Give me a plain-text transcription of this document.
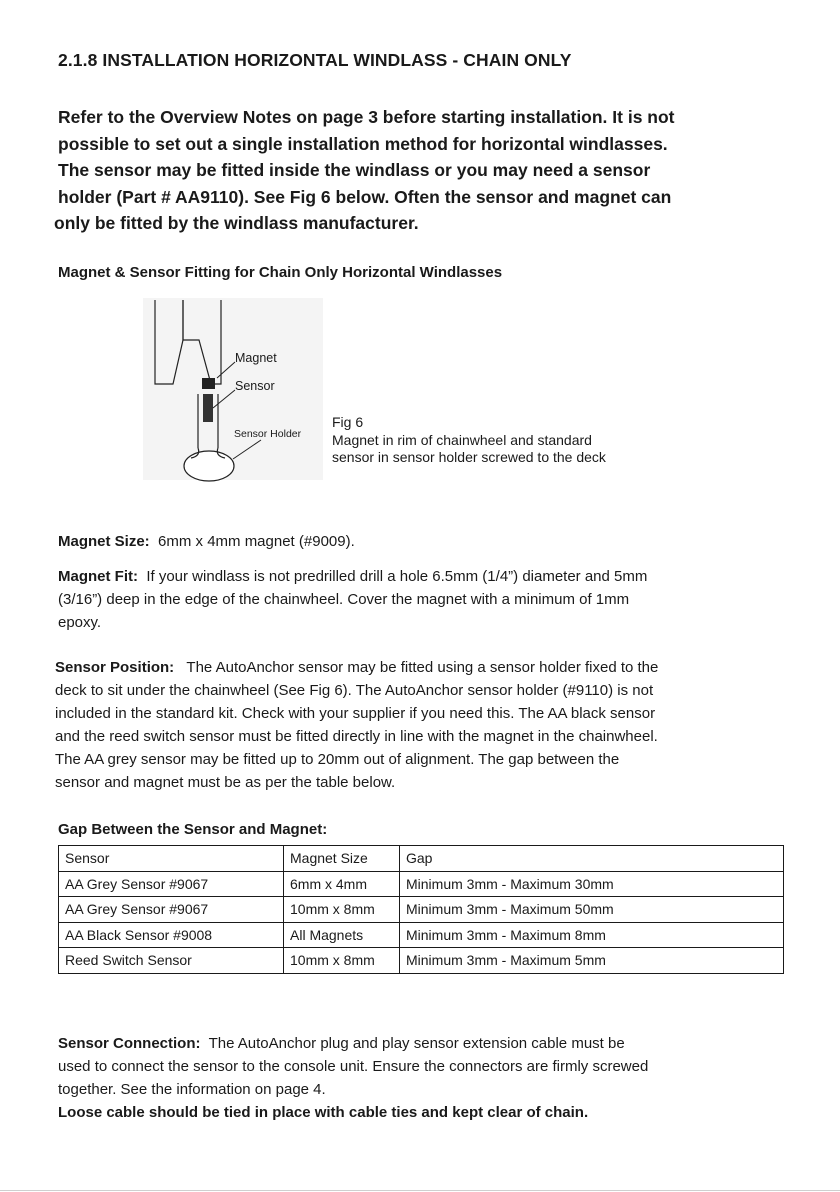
2.1.8 INSTALLATION HORIZONTAL WINDLASS - CHAIN ONLY
Refer to the Overview Notes on page 3 before starting installation. It is not
possible to set out a single installation method for horizontal windlasses.
The sensor may be fitted inside the windlass or you may need a sensor
holder (Part # AA9110). See Fig 6 below. Often the sensor and magnet can
only be fitted by the windlass manufacturer.
Magnet & Sensor Fitting for Chain Only Horizontal Windlasses
Magnet
Sensor
Sensor Holder
Fig 6
Magnet in rim of chainwheel and standard
sensor in sensor holder screwed to the deck
Magnet Size:  6mm x 4mm magnet (#9009).
Magnet Fit:  If your windlass is not predrilled drill a hole 6.5mm (1/4”) diameter and 5mm
(3/16”) deep in the edge of the chainwheel. Cover the magnet with a minimum of 1mm
epoxy.
Sensor Position:   The AutoAnchor sensor may be fitted using a sensor holder fixed to the
deck to sit under the chainwheel (See Fig 6). The AutoAnchor sensor holder (#9110) is not
included in the standard kit. Check with your supplier if you need this. The AA black sensor
and the reed switch sensor must be fitted directly in line with the magnet in the chainwheel.
The AA grey sensor may be fitted up to 20mm out of alignment. The gap between the
sensor and magnet must be as per the table below.
Gap Between the Sensor and Magnet:
Sensor	Magnet Size	Gap
AA Grey Sensor #9067	6mm x 4mm	Minimum 3mm - Maximum 30mm
AA Grey Sensor #9067	10mm x 8mm	Minimum 3mm - Maximum 50mm
AA Black Sensor #9008	All Magnets	Minimum 3mm - Maximum 8mm
Reed Switch Sensor	10mm x 8mm	Minimum 3mm - Maximum 5mm
Sensor Connection:  The AutoAnchor plug and play sensor extension cable must be
used to connect the sensor to the console unit. Ensure the connectors are firmly screwed
together. See the information on page 4.
Loose cable should be tied in place with cable ties and kept clear of chain.
